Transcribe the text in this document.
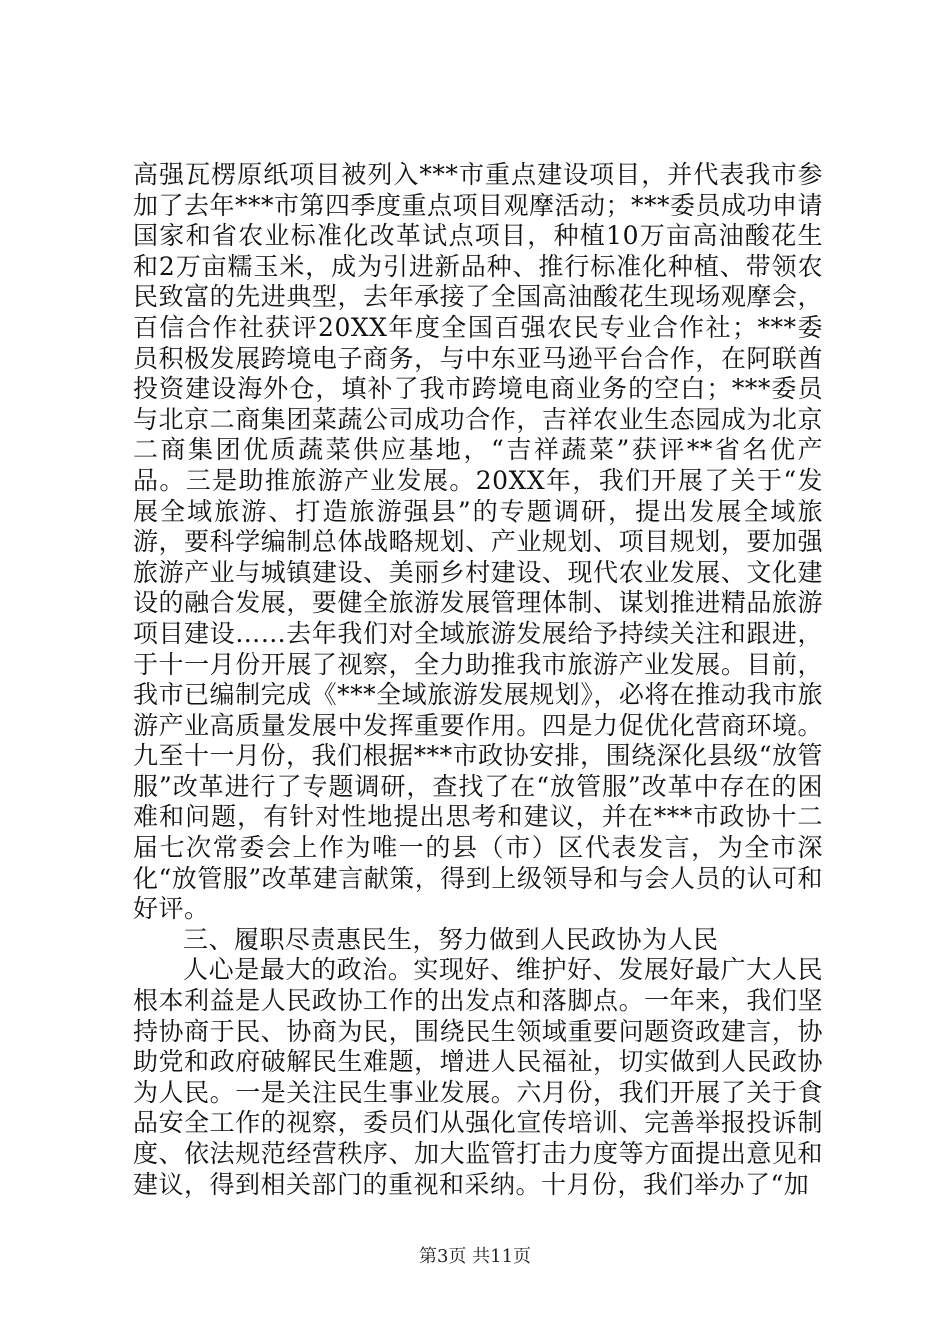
高强瓦楞原纸项目被列入***市重点建设项目，并代表我市参加了去年***市第四季度重点项目观摩活动；***委员成功申请国家和省农业标准化改革试点项目，种植10万亩高油酸花生和2万亩糯玉米，成为引进新品种、推行标准化种植、带领农民致富的先进典型，去年承接了全国高油酸花生现场观摩会，百信合作社获评20XX年度全国百强农民专业合作社；***委员积极发展跨境电子商务，与中东亚马逊平台合作，在阿联酋投资建设海外仓，填补了我市跨境电商业务的空白；***委员与北京二商集团菜蔬公司成功合作，吉祥农业生态园成为北京二商集团优质蔬菜供应基地，“吉祥蔬菜”获评**省名优产品。三是助推旅游产业发展。20XX年，我们开展了关于“发展全域旅游、打造旅游强县”的专题调研，提出发展全域旅游，要科学编制总体战略规划、产业规划、项目规划，要加强旅游产业与城镇建设、美丽乡村建设、现代农业发展、文化建设的融合发展，要健全旅游发展管理体制、谋划推进精品旅游项目建设……去年我们对全域旅游发展给予持续关注和跟进，于十一月份开展了视察，全力助推我市旅游产业发展。目前，我市已编制完成《***全域旅游发展规划》，必将在推动我市旅游产业高质量发展中发挥重要作用。四是力促优化营商环境。九至十一月份，我们根据***市政协安排，围绕深化县级“放管服”改革进行了专题调研，查找了在“放管服”改革中存在的困难和问题，有针对性地提出思考和建议，并在***市政协十二届七次常委会上作为唯一的县（市）区代表发言，为全市深化“放管服”改革建言献策，得到上级领导和与会人员的认可和好评。

三、履职尽责惠民生，努力做到人民政协为人民

人心是最大的政治。实现好、维护好、发展好最广大人民根本利益是人民政协工作的出发点和落脚点。一年来，我们坚持协商于民、协商为民，围绕民生领域重要问题资政建言，协助党和政府破解民生难题，增进人民福祉，切实做到人民政协为人民。一是关注民生事业发展。六月份，我们开展了关于食品安全工作的视察，委员们从强化宣传培训、完善举报投诉制度、依法规范经营秩序、加大监管打击力度等方面提出意见和建议，得到相关部门的重视和采纳。十月份，我们举办了“加

第3页 共11页
